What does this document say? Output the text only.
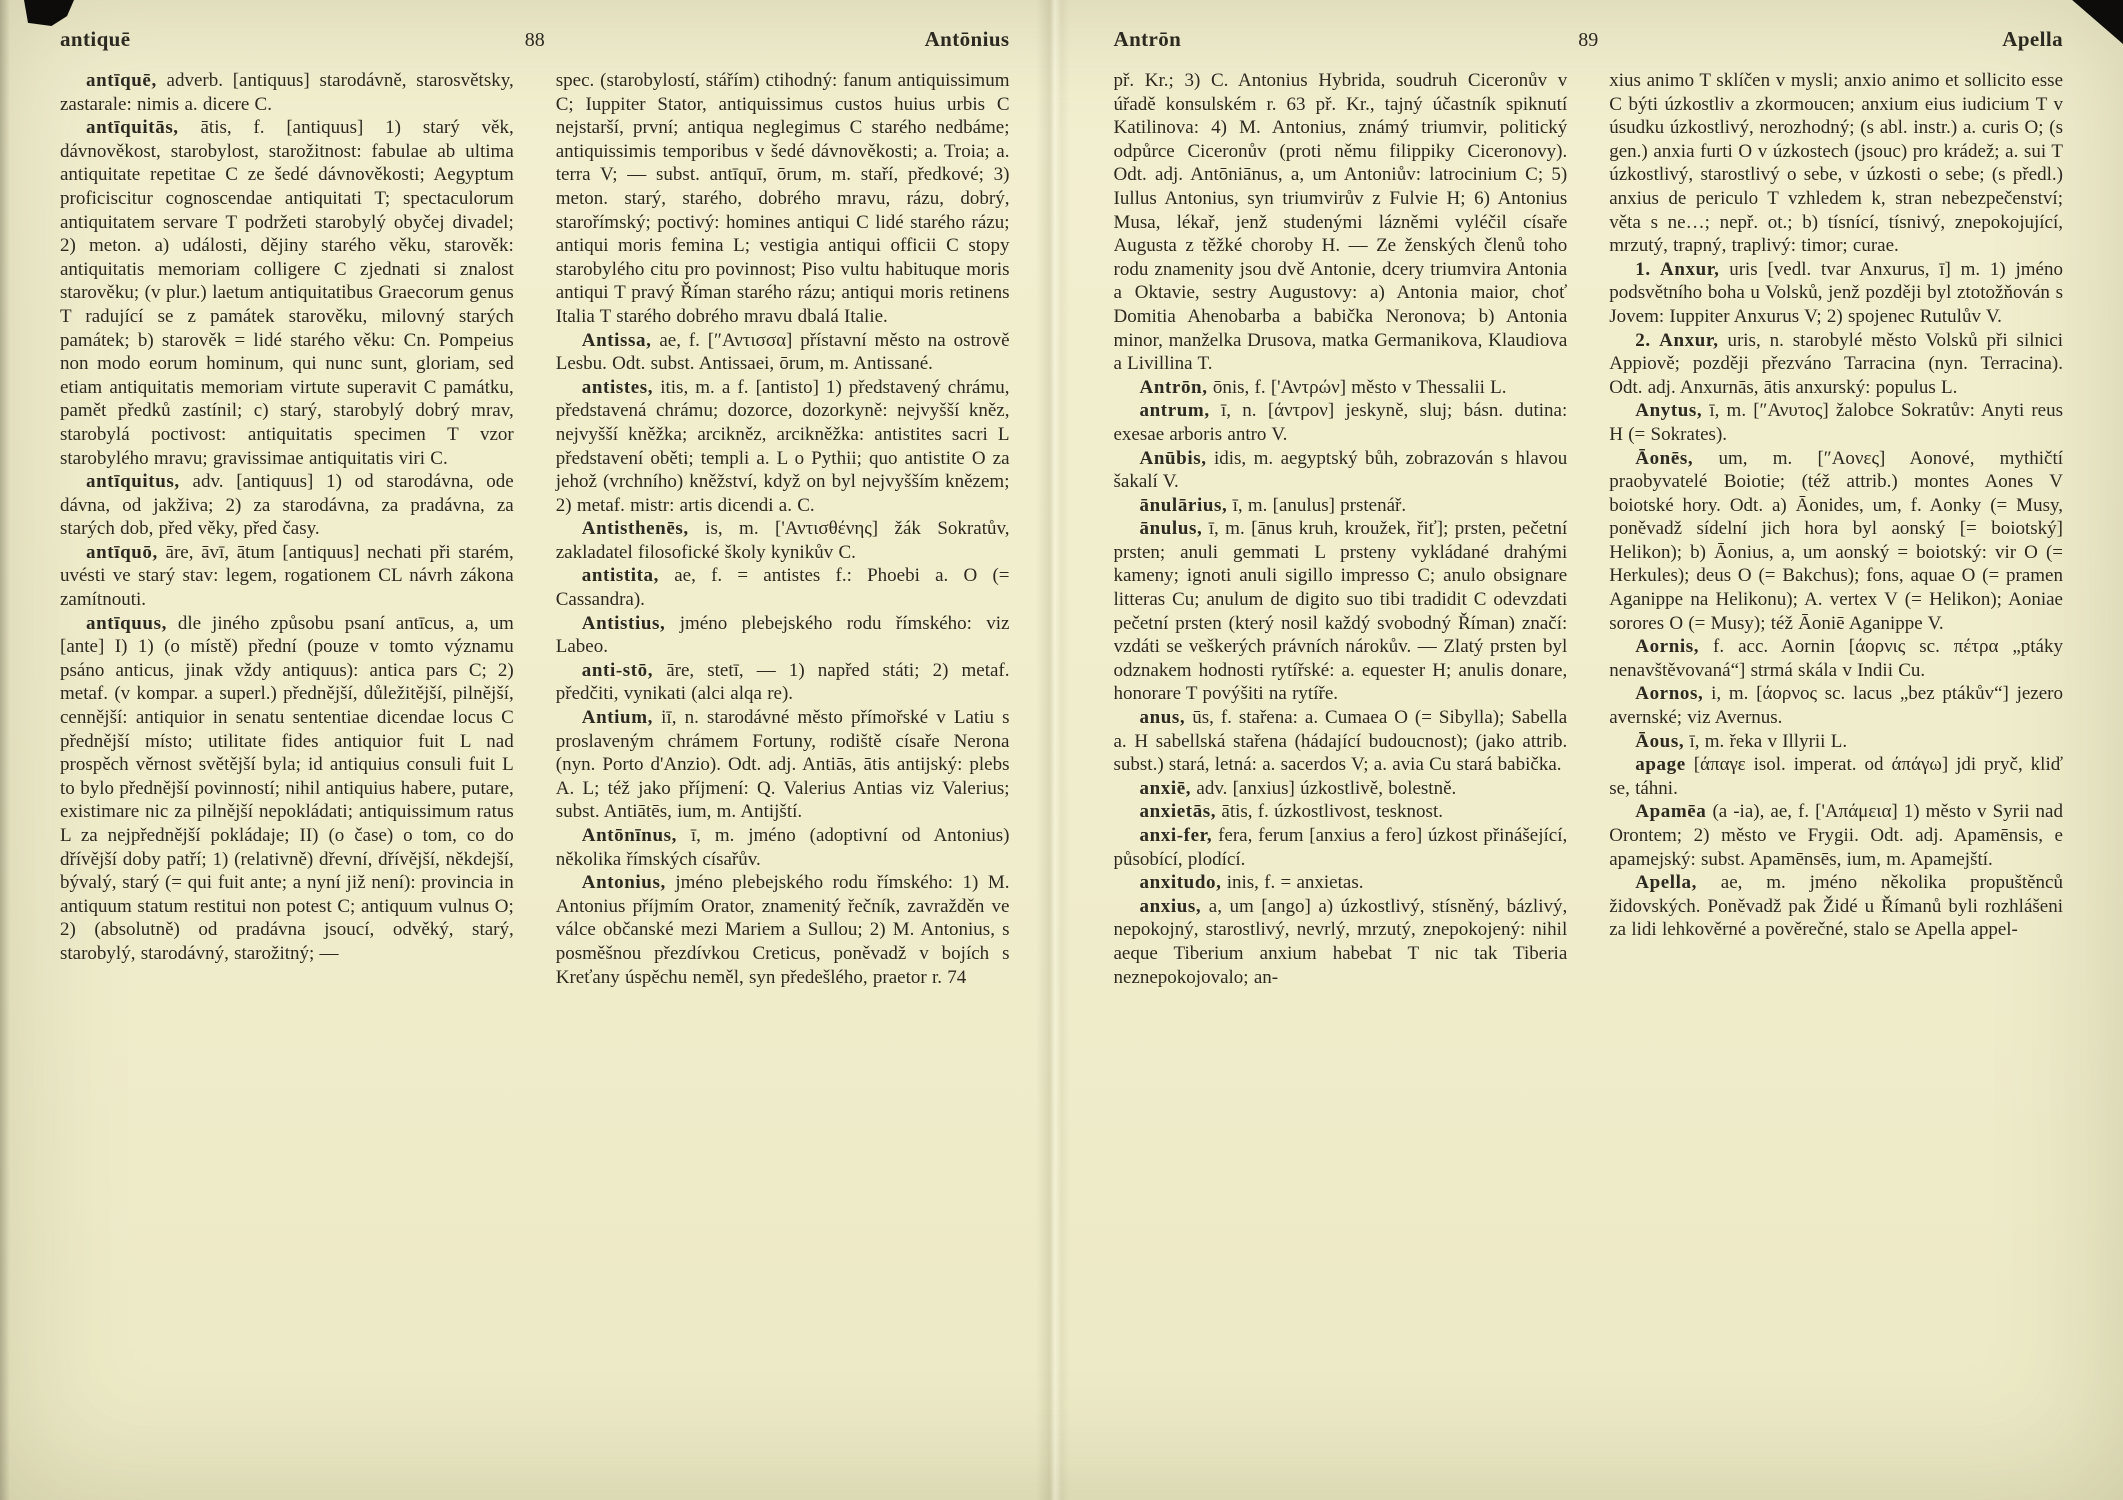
antiquē	88	Antōnius

antīquē, adverb. [antiquus] starodávně, starosvětsky, zastarale: nimis a. dicere C.

antīquitās, ātis, f. [antiquus] 1) starý věk, dávnověkost, starobylost, starožitnost: fabulae ab ultima antiquitate repetitae C ze šedé dávnověkosti; Aegyptum proficiscitur cognoscendae antiquitati T; spectaculorum antiquitatem servare T podržeti starobylý obyčej divadel; 2) meton. a) události, dějiny starého věku, starověk: antiquitatis memoriam colligere C zjednati si znalost starověku; (v plur.) laetum antiquitatibus Graecorum genus T radující se z památek starověku, milovný starých památek; b) starověk = lidé starého věku: Cn. Pompeius non modo eorum hominum, qui nunc sunt, gloriam, sed etiam antiquitatis memoriam virtute superavit C památku, pamět předků zastínil; c) starý, starobylý dobrý mrav, starobylá poctivost: antiquitatis specimen T vzor starobylého mravu; gravissimae antiquitatis viri C.

antīquitus, adv. [antiquus] 1) od starodávna, ode dávna, od jakživa; 2) za starodávna, za pradávna, za starých dob, před věky, před časy.

antīquō, āre, āvī, ātum [antiquus] nechati při starém, uvésti ve starý stav: legem, rogationem CL návrh zákona zamítnouti.

antīquus, dle jiného způsobu psaní antīcus, a, um [ante] I) 1) (o místě) přední (pouze v tomto významu psáno anticus, jinak vždy antiquus): antica pars C; 2) metaf. (v kompar. a superl.) přednější, důležitější, pilnější, cennější: antiquior in senatu sententiae dicendae locus C přednější místo; utilitate fides antiquior fuit L nad prospěch věrnost světější byla; id antiquius consuli fuit L to bylo přednější povinností; nihil antiquius habere, putare, existimare nic za pilnější nepokládati; antiquissimum ratus L za nejpřednější pokládaje; II) (o čase) o tom, co do dřívější doby patří; 1) (relativně) dřevní, dřívější, někdejší, bývalý, starý (= qui fuit ante; a nyní již není): provincia in antiquum statum restitui non potest C; antiquum vulnus O; 2) (absolutně) od pradávna jsoucí, odvěký, starý, starobylý, starodávný, starožitný; —

spec. (starobylostí, stářím) ctihodný: fanum antiquissimum C; Iuppiter Stator, antiquissimus custos huius urbis C nejstarší, první; antiqua neglegimus C starého nedbáme; antiquissimis temporibus v šedé dávnověkosti; a. Troia; a. terra V; — subst. antīquī, ōrum, m. staří, předkové; 3) meton. starý, starého, dobrého mravu, rázu, dobrý, starořímský; poctivý: homines antiqui C lidé starého rázu; antiqui moris femina L; vestigia antiqui officii C stopy starobylého citu pro povinnost; Piso vultu habituque moris antiqui T pravý Říman starého rázu; antiqui moris retinens Italia T starého dobrého mravu dbalá Italie.

Antissa, ae, f. [″Αντισσα] přístavní město na ostrově Lesbu. Odt. subst. Antissaei, ōrum, m. Antissané.

antistes, itis, m. a f. [antisto] 1) představený chrámu, představená chrámu; dozorce, dozorkyně: nejvyšší kněz, nejvyšší kněžka; arcikněz, arcikněžka: antistites sacri L představení oběti; templi a. L o Pythii; quo antistite O za jehož (vrchního) kněžství, když on byl nejvyšším knězem; 2) metaf. mistr: artis dicendi a. C.

Antisthenēs, is, m. ['Αντισθένης] žák Sokratův, zakladatel filosofické školy kynikův C.

antistita, ae, f. = antistes f.: Phoebi a. O (= Cassandra).

Antistius, jméno plebejského rodu římského: viz Labeo.

anti-stō, āre, stetī, — 1) napřed státi; 2) metaf. předčiti, vynikati (alci alqa re).

Antium, iī, n. starodávné město přímořské v Latiu s proslaveným chrámem Fortuny, rodiště císaře Nerona (nyn. Porto d'Anzio). Odt. adj. Antiās, ātis antijský: plebs A. L; též jako příjmení: Q. Valerius Antias viz Valerius; subst. Antiātēs, ium, m. Antijští.

Antōnīnus, ī, m. jméno (adoptivní od Antonius) několika římských císařův.

Antonius, jméno plebejského rodu římského: 1) M. Antonius příjmím Orator, znamenitý řečník, zavražděn ve válce občanské mezi Mariem a Sullou; 2) M. Antonius, s posměšnou přezdívkou Creticus, poněvadž v bojích s Kreťany úspěchu neměl, syn předešlého, praetor r. 74

Antrōn	89	Apella

př. Kr.; 3) C. Antonius Hybrida, soudruh Ciceronův v úřadě konsulském r. 63 př. Kr., tajný účastník spiknutí Katilinova: 4) M. Antonius, známý triumvir, politický odpůrce Ciceronův (proti němu filippiky Ciceronovy). Odt. adj. Antōniānus, a, um Antoniův: latrocinium C; 5) Iullus Antonius, syn triumvirův z Fulvie H; 6) Antonius Musa, lékař, jenž studenými lázněmi vyléčil císaře Augusta z těžké choroby H. — Ze ženských členů toho rodu znamenity jsou dvě Antonie, dcery triumvira Antonia a Oktavie, sestry Augustovy: a) Antonia maior, choť Domitia Ahenobarba a babička Neronova; b) Antonia minor, manželka Drusova, matka Germanikova, Klaudiova a Livillina T.

Antrōn, ōnis, f. ['Αντρών] město v Thessalii L.

antrum, ī, n. [άντρον] jeskyně, sluj; básn. dutina: exesae arboris antro V.

Anūbis, idis, m. aegyptský bůh, zobrazován s hlavou šakalí V.

ānulārius, ī, m. [anulus] prstenář.

ānulus, ī, m. [ānus kruh, kroužek, řiť]; prsten, pečetní prsten; anuli gemmati L prsteny vykládané drahými kameny; ignoti anuli sigillo impresso C; anulo obsignare litteras Cu; anulum de digito suo tibi tradidit C odevzdati pečetní prsten (který nosil každý svobodný Říman) značí: vzdáti se veškerých právních nárokův. — Zlatý prsten byl odznakem hodnosti rytířské: a. equester H; anulis donare, honorare T povýšiti na rytíře.

anus, ūs, f. stařena: a. Cumaea O (= Sibylla); Sabella a. H sabellská stařena (hádající budoucnost); (jako attrib. subst.) stará, letná: a. sacerdos V; a. avia Cu stará babička.

anxiē, adv. [anxius] úzkostlivě, bolestně.

anxietās, ātis, f. úzkostlivost, tesknost.

anxi-fer, fera, ferum [anxius a fero] úzkost přinášející, působící, plodící.

anxitudo, inis, f. = anxietas.

anxius, a, um [ango] a) úzkostlivý, stísněný, bázlivý, nepokojný, starostlivý, nevrlý, mrzutý, znepokojený: nihil aeque Tiberium anxium habebat T nic tak Tiberia neznepokojovalo; an-

xius animo T sklíčen v mysli; anxio animo et sollicito esse C býti úzkostliv a zkormoucen; anxium eius iudicium T v úsudku úzkostlivý, nerozhodný; (s abl. instr.) a. curis O; (s gen.) anxia furti O v úzkostech (jsouc) pro krádež; a. sui T úzkostlivý, starostlivý o sebe, v úzkosti o sebe; (s předl.) anxius de periculo T vzhledem k, stran nebezpečenství; věta s ne…; nepř. ot.; b) tísnící, tísnivý, znepokojující, mrzutý, trapný, traplivý: timor; curae.

1. Anxur, uris [vedl. tvar Anxurus, ī] m. 1) jméno podsvětního boha u Volsků, jenž později byl ztotožňován s Jovem: Iuppiter Anxurus V; 2) spojenec Rutulův V.

2. Anxur, uris, n. starobylé město Volsků při silnici Appiově; později přezváno Tarracina (nyn. Terracina). Odt. adj. Anxurnās, ātis anxurský: populus L.

Anytus, ī, m. [″Ανυτος] žalobce Sokratův: Anyti reus H (= Sokrates).

Āonēs, um, m. [″Αονες] Aonové, mythičtí praobyvatelé Boiotie; (též attrib.) montes Aones V boiotské hory. Odt. a) Āonides, um, f. Aonky (= Musy, poněvadž sídelní jich hora byl aonský [= boiotský] Helikon); b) Āonius, a, um aonský = boiotský: vir O (= Herkules); deus O (= Bakchus); fons, aquae O (= pramen Aganippe na Helikonu); A. vertex V (= Helikon); Aoniae sorores O (= Musy); též Āoniē Aganippe V.

Aornis, f. acc. Aornin [άορνις sc. πέτρα „ptáky nenavštěvovaná“] strmá skála v Indii Cu.

Aornos, i, m. [άορνος sc. lacus „bez ptákův“] jezero avernské; viz Avernus.

Āous, ī, m. řeka v Illyrii L.

apage [άπαγε isol. imperat. od άπάγω] jdi pryč, kliď se, táhni.

Apamēa (a -ia), ae, f. ['Απάμεια] 1) město v Syrii nad Orontem; 2) město ve Frygii. Odt. adj. Apamēnsis, e apamejský: subst. Apamēnsēs, ium, m. Apamejští.

Apella, ae, m. jméno několika propuštěnců židovských. Poněvadž pak Židé u Římanů byli rozhlášeni za lidi lehkověrné a pověrečné, stalo se Apella appel-
